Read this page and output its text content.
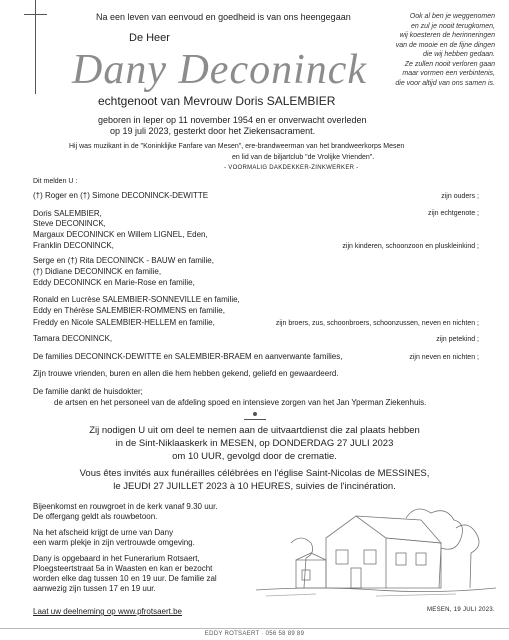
Na een leven van eenvoud en goedheid is van ons heengegaan
De Heer
Dany Deconinck
echtgenoot van Mevrouw Doris SALEMBIER
Ook al ben je weggenomen
en zul je nooit terugkomen,
wij koesteren de herinneringen
van de mooie en de fijne dingen
die wij hebben gedaan.
Ze zullen nooit verloren gaan
maar vormen een verbintenis,
die voor altijd van ons samen is.
geboren in Ieper op 11 november 1954 en er onverwacht overleden
op 19 juli 2023, gesterkt door het Ziekensacrament.
Hij was muzikant in de "Koninklijke Fanfare van Mesen", ere-brandweerman van het brandweerkorps Mesen
en lid van de biljartclub "de Vrolijke Vrienden".
- VOORMALIG DAKDEKKER-ZINKWERKER -
Dit melden U :
(†) Roger en (†) Simone DECONINCK-DEWITTE	zijn ouders ;
Doris SALEMBIER,	zijn echtgenote ;
Steve DECONINCK,
Margaux DECONINCK en Willem LIGNEL, Eden,
Franklin DECONINCK,	zijn kinderen, schoonzoon en pluskleinkind ;
Serge en (†) Rita DECONINCK - BAUW en familie,
(†) Didiane DECONINCK en familie,
Eddy DECONINCK en Marie-Rose en familie,
Ronald en Lucrèse SALEMBIER-SONNEVILLE en familie,
Eddy en Thérèse SALEMBIER-ROMMENS en familie,
Freddy en Nicole SALEMBIER-HELLEM en familie,	zijn broers, zus, schoonbroers, schoonzussen, neven en nichten ;
Tamara DECONINCK,	zijn petekind ;
De families DECONINCK-DEWITTE en SALEMBIER-BRAEM en aanverwante families,	zijn neven en nichten ;
Zijn trouwe vrienden, buren en allen die hem hebben gekend, geliefd en gewaardeerd.
De familie dankt de huisdokter;
de artsen en het personeel van de afdeling spoed en intensieve zorgen van het Jan Yperman Ziekenhuis.
Zij nodigen U uit om deel te nemen aan de uitvaartdienst die zal plaats hebben
in de Sint-Niklaaskerk in MESEN, op DONDERDAG 27 JULI 2023
om 10 UUR, gevolgd door de crematie.
Vous êtes invités aux funérailles célébrées en l'église Saint-Nicolas de MESSINES,
le JEUDI 27 JUILLET 2023 à 10 HEURES, suivies de l'incinération.
Bijeenkomst en rouwgroet in de kerk vanaf 9.30 uur.
De offergang geldt als rouwbetoon.
Na het afscheid krijgt de urne van Dany
een warm plekje in zijn vertrouwde omgeving.
Dany is opgebaard in het Funerarium Rotsaert,
Ploegsteertstraat 5a in Waasten en kan er bezocht
worden elke dag tussen 10 en 19 uur. De familie zal
aanwezig zijn tussen 17 en 19 uur.
Laat uw deelneming op www.pfrotsaert.be	MESEN, 19 JULI 2023.
EDDY ROTSAERT · 056 58 89 89
